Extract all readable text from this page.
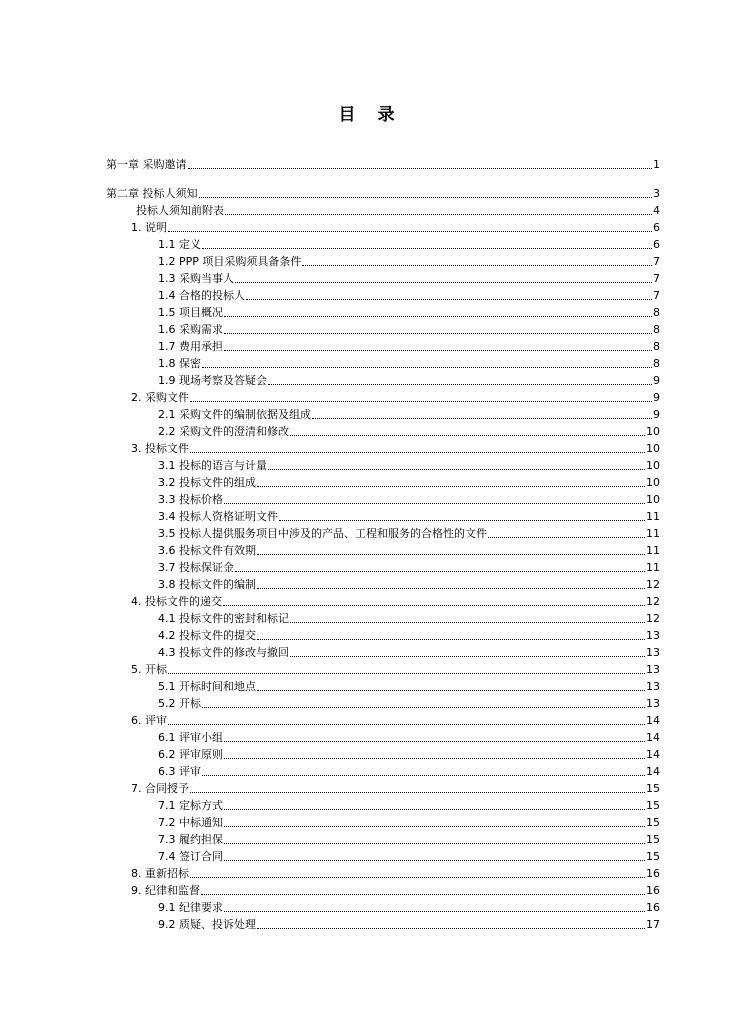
目 录
第一章 采购邀请	1
第二章 投标人须知	3
投标人须知前附表	4
1. 说明	6
1.1 定义	6
1.2 PPP 项目采购须具备条件	7
1.3 采购当事人	7
1.4 合格的投标人	7
1.5 项目概况	8
1.6 采购需求	8
1.7 费用承担	8
1.8 保密	8
1.9 现场考察及答疑会	9
2. 采购文件	9
2.1 采购文件的编制依据及组成	9
2.2 采购文件的澄清和修改	10
3. 投标文件	10
3.1 投标的语言与计量	10
3.2 投标文件的组成	10
3.3 投标价格	10
3.4 投标人资格证明文件	11
3.5 投标人提供服务项目中涉及的产品、工程和服务的合格性的文件	11
3.6 投标文件有效期	11
3.7 投标保证金	11
3.8 投标文件的编制	12
4. 投标文件的递交	12
4.1 投标文件的密封和标记	12
4.2 投标文件的提交	13
4.3 投标文件的修改与撤回	13
5. 开标	13
5.1 开标时间和地点	13
5.2 开标	13
6. 评审	14
6.1 评审小组	14
6.2 评审原则	14
6.3 评审	14
7. 合同授予	15
7.1 定标方式	15
7.2 中标通知	15
7.3 履约担保	15
7.4 签订合同	15
8. 重新招标	16
9. 纪律和监督	16
9.1 纪律要求	16
9.2 质疑、投诉处理	17
